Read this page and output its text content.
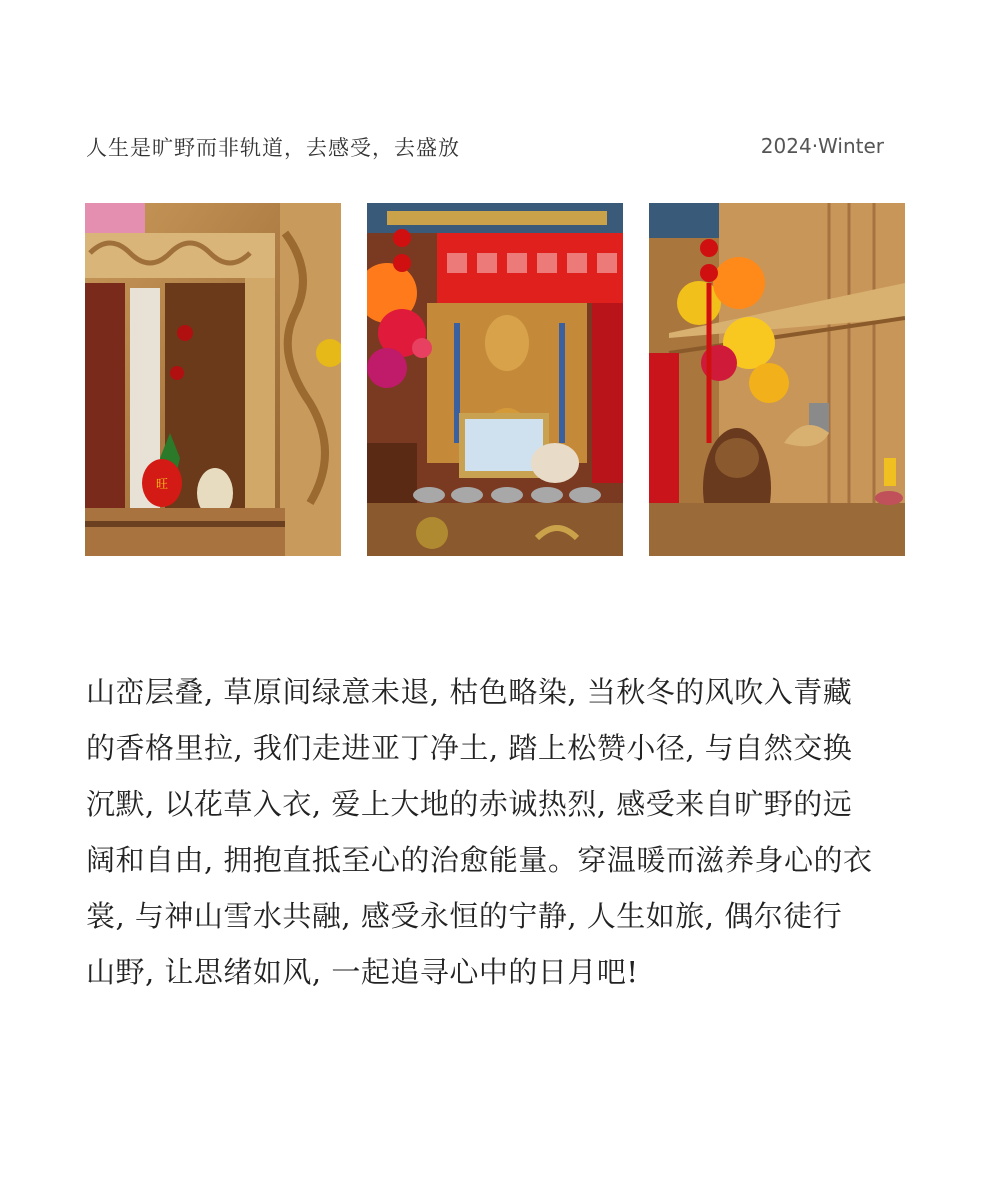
人生是旷野而非轨道，去感受，去盛放	2024·Winter
旺
山峦层叠, 草原间绿意未退, 枯色略染, 当秋冬的风吹入青藏
的香格里拉, 我们走进亚丁净土, 踏上松赞小径, 与自然交换
沉默, 以花草入衣, 爱上大地的赤诚热烈, 感受来自旷野的远
阔和自由, 拥抱直抵至心的治愈能量。穿温暖而滋养身心的衣
裳, 与神山雪水共融, 感受永恒的宁静, 人生如旅, 偶尔徒行
山野, 让思绪如风, 一起追寻心中的日月吧!
